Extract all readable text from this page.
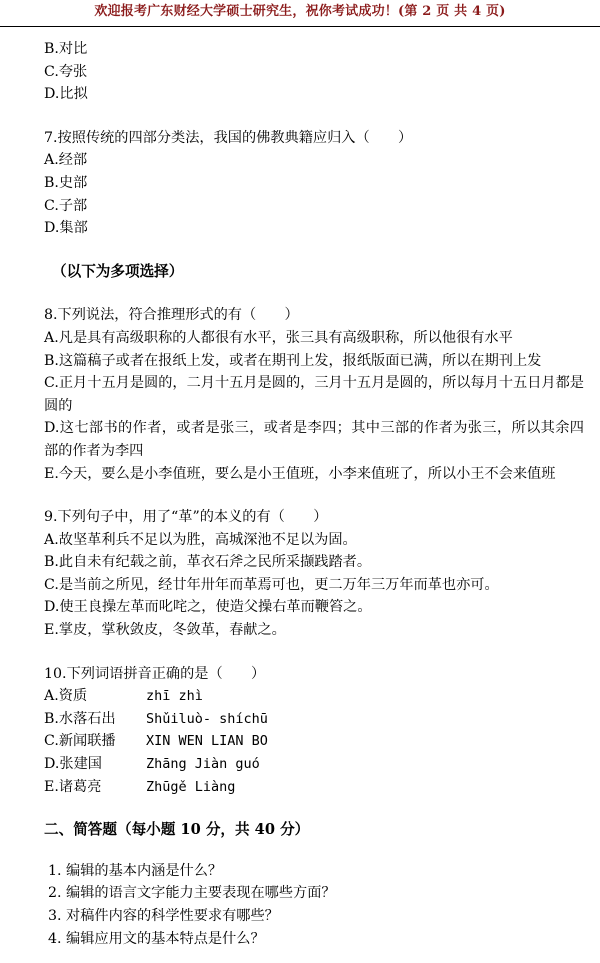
欢迎报考广东财经大学硕士研究生，祝你考试成功！(第 2 页 共 4 页)
B.对比
C.夸张
D.比拟
7.按照传统的四部分类法，我国的佛教典籍应归入（　　）
A.经部
B.史部
C.子部
D.集部
（以下为多项选择）
8.下列说法，符合推理形式的有（　　）
A.凡是具有高级职称的人都很有水平，张三具有高级职称，所以他很有水平
B.这篇稿子或者在报纸上发，或者在期刊上发，报纸版面已满，所以在期刊上发
C.正月十五月是圆的，二月十五月是圆的，三月十五月是圆的，所以每月十五日月都是圆的
D.这七部书的作者，或者是张三，或者是李四；其中三部的作者为张三，所以其余四部的作者为李四
E.今天，要么是小李值班，要么是小王值班，小李来值班了，所以小王不会来值班
9.下列句子中，用了“革”的本义的有（　　）
A.故坚革利兵不足以为胜，高城深池不足以为固。
B.此自未有纪载之前，革衣石斧之民所采撷践踏者。
C.是当前之所见，经廿年卅年而革焉可也，更二万年三万年而革也亦可。
D.使王良操左革而叱咤之，使造父操右革而鞭笞之。
E.掌皮，掌秋敛皮，冬敛革，春献之。
10.下列词语拼音正确的是（　　）
A.资质	zhī zhì
B.水落石出	Shǔiluò- shíchū
C.新闻联播	XIN WEN LIAN BO
D.张建国	Zhāng Jiàn guó
E.诸葛亮	Zhūgě Liàng
二、简答题（每小题 10 分，共 40 分）
1. 编辑的基本内涵是什么？
2. 编辑的语言文字能力主要表现在哪些方面？
3. 对稿件内容的科学性要求有哪些？
4. 编辑应用文的基本特点是什么？
